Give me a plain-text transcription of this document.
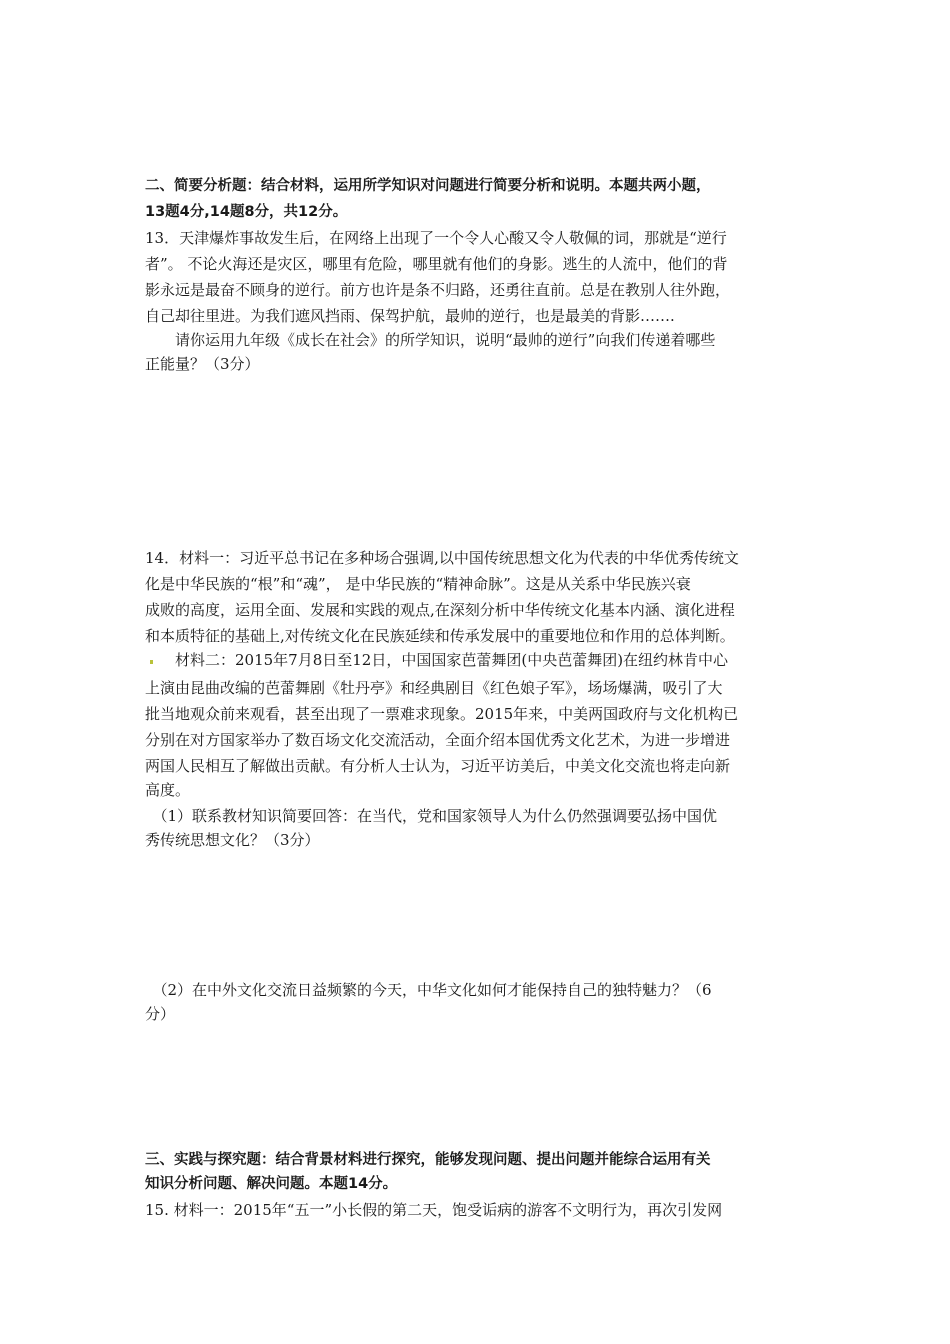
二、简要分析题：结合材料，运用所学知识对问题进行简要分析和说明。本题共两小题，
13题4分,14题8分，共12分。
13．天津爆炸事故发生后，在网络上出现了一个令人心酸又令人敬佩的词，那就是“逆行
者”。 不论火海还是灾区，哪里有危险，哪里就有他们的身影。逃生的人流中，他们的背
影永远是最奋不顾身的逆行。前方也许是条不归路，还勇往直前。总是在教别人往外跑，
自己却往里进。为我们遮风挡雨、保驾护航，最帅的逆行，也是最美的背影…….
　　请你运用九年级《成长在社会》的所学知识，说明“最帅的逆行”向我们传递着哪些
正能量？（3分）
14．材料一：习近平总书记在多种场合强调,以中国传统思想文化为代表的中华优秀传统文
化是中华民族的“根”和“魂”， 是中华民族的“精神命脉”。这是从关系中华民族兴衰
成败的高度，运用全面、发展和实践的观点,在深刻分析中华传统文化基本内涵、演化进程
和本质特征的基础上,对传统文化在民族延续和传承发展中的重要地位和作用的总体判断。
　　材料二：2015年7月8日至12日，中国国家芭蕾舞团(中央芭蕾舞团)在纽约林肯中心
上演由昆曲改编的芭蕾舞剧《牡丹亭》和经典剧目《红色娘子军》，场场爆满，吸引了大
批当地观众前来观看，甚至出现了一票难求现象。2015年来，中美两国政府与文化机构已
分别在对方国家举办了数百场文化交流活动，全面介绍本国优秀文化艺术，为进一步增进
两国人民相互了解做出贡献。有分析人士认为，习近平访美后，中美文化交流也将走向新
高度。
　（1）联系教材知识简要回答：在当代，党和国家领导人为什么仍然强调要弘扬中国优
秀传统思想文化？（3分）
　（2）在中外文化交流日益频繁的今天，中华文化如何才能保持自己的独特魅力？（6
分）
三、实践与探究题：结合背景材料进行探究，能够发现问题、提出问题并能综合运用有关
知识分析问题、解决问题。本题14分。
15. 材料一：2015年“五一”小长假的第二天，饱受诟病的游客不文明行为，再次引发网
